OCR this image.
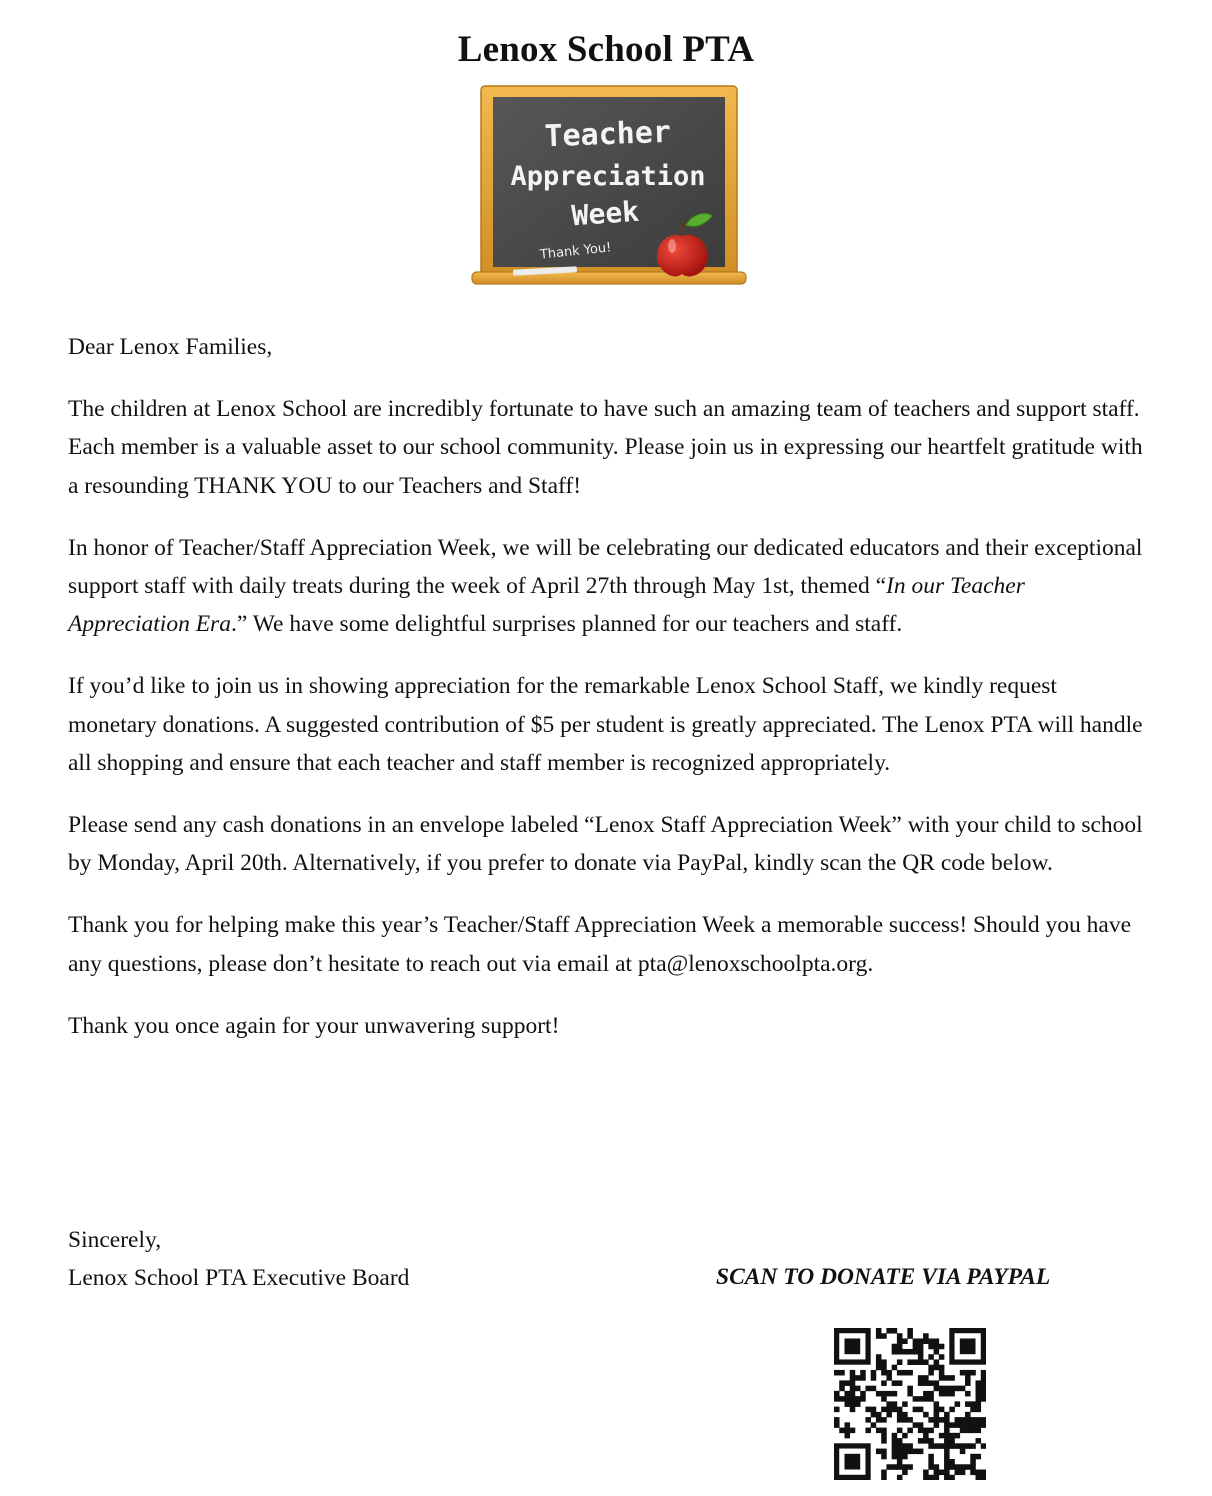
Lenox School PTA
Teacher
Appreciation
Week
Thank You!

Dear Lenox Families,

The children at Lenox School are incredibly fortunate to have such an amazing team of teachers and support staff. Each member is a valuable asset to our school community. Please join us in expressing our heartfelt gratitude with a resounding THANK YOU to our Teachers and Staff!

In honor of Teacher/Staff Appreciation Week, we will be celebrating our dedicated educators and their exceptional support staff with daily treats during the week of April 27th through May 1st, themed “In our Teacher Appreciation Era.” We have some delightful surprises planned for our teachers and staff.

If you’d like to join us in showing appreciation for the remarkable Lenox School Staff, we kindly request monetary donations. A suggested contribution of $5 per student is greatly appreciated. The Lenox PTA will handle all shopping and ensure that each teacher and staff member is recognized appropriately.

Please send any cash donations in an envelope labeled “Lenox Staff Appreciation Week” with your child to school by Monday, April 20th. Alternatively, if you prefer to donate via PayPal, kindly scan the QR code below.

Thank you for helping make this year’s Teacher/Staff Appreciation Week a memorable success! Should you have any questions, please don’t hesitate to reach out via email at pta@lenoxschoolpta.org.

Thank you once again for your unwavering support!

Sincerely,
Lenox School PTA Executive Board	SCAN TO DONATE VIA PAYPAL
